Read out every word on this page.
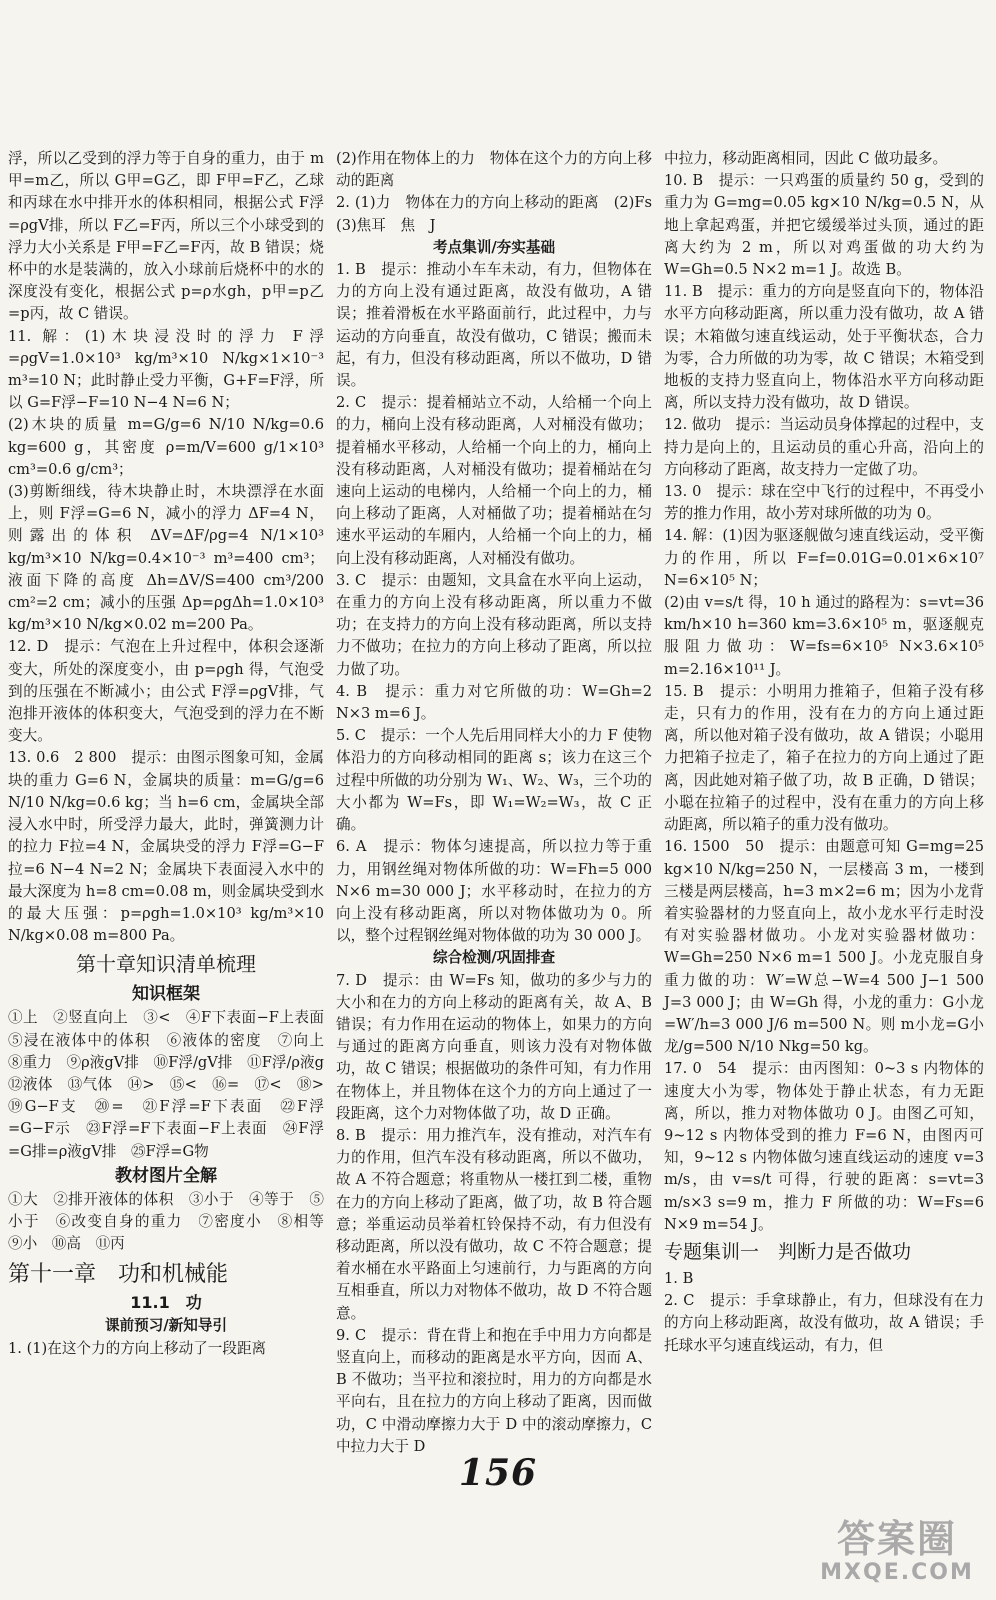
浮，所以乙受到的浮力等于自身的重力，由于 m甲=m乙，所以 G甲=G乙，即 F甲=F乙，乙球和丙球在水中排开水的体积相同，根据公式 F浮=ρgV排，所以 F乙=F丙，所以三个小球受到的浮力大小关系是 F甲=F乙=F丙，故 B 错误；烧杯中的水是装满的，放入小球前后烧杯中的水的深度没有变化，根据公式 p=ρ水gh，p甲=p乙=p丙，故 C 错误。

11. 解：(1)木块浸没时的浮力 F浮=ρgV=1.0×10³ kg/m³×10 N/kg×1×10⁻³ m³=10 N；此时静止受力平衡，G+F=F浮，所以 G=F浮−F=10 N−4 N=6 N；

(2)木块的质量 m=G/g=6 N/10 N/kg=0.6 kg=600 g，其密度 ρ=m/V=600 g/1×10³ cm³=0.6 g/cm³；

(3)剪断细线，待木块静止时，木块漂浮在水面上，则 F浮=G=6 N，减小的浮力 ΔF=4 N，则露出的体积 ΔV=ΔF/ρg=4 N/1×10³ kg/m³×10 N/kg=0.4×10⁻³ m³=400 cm³；液面下降的高度 Δh=ΔV/S=400 cm³/200 cm²=2 cm；减小的压强 Δp=ρgΔh=1.0×10³ kg/m³×10 N/kg×0.02 m=200 Pa。

12. D　提示：气泡在上升过程中，体积会逐渐变大，所处的深度变小，由 p=ρgh 得，气泡受到的压强在不断减小；由公式 F浮=ρgV排，气泡排开液体的体积变大，气泡受到的浮力在不断变大。

13. 0.6　2 800　提示：由图示图象可知，金属块的重力 G=6 N，金属块的质量：m=G/g=6 N/10 N/kg=0.6 kg；当 h=6 cm，金属块全部浸入水中时，所受浮力最大，此时，弹簧测力计的拉力 F拉=4 N，金属块受的浮力 F浮=G−F拉=6 N−4 N=2 N；金属块下表面浸入水中的最大深度为 h=8 cm=0.08 m，则金属块受到水的最大压强：p=ρgh=1.0×10³ kg/m³×10 N/kg×0.08 m=800 Pa。

第十章知识清单梳理
知识框架

①上　②竖直向上　③<　④F下表面−F上表面　⑤浸在液体中的体积　⑥液体的密度　⑦向上　⑧重力　⑨ρ液gV排　⑩F浮/gV排　⑪F浮/ρ液g　⑫液体　⑬气体　⑭>　⑮<　⑯=　⑰<　⑱>　⑲G−F支　⑳=　㉑F浮=F下表面　㉒F浮=G−F示　㉓F浮=F下表面−F上表面　㉔F浮=G排=ρ液gV排　㉕F浮=G物

教材图片全解

①大　②排开液体的体积　③小于　④等于　⑤小于　⑥改变自身的重力　⑦密度小　⑧相等　⑨小　⑩高　⑪丙

第十一章　功和机械能
11.1　功
课前预习/新知导引

1. (1)在这个力的方向上移动了一段距离

(2)作用在物体上的力　物体在这个力的方向上移动的距离

2. (1)力　物体在力的方向上移动的距离　(2)Fs　(3)焦耳　焦　J

考点集训/夯实基础

1. B　提示：推动小车车未动，有力，但物体在力的方向上没有通过距离，故没有做功，A 错误；推着滑板在水平路面前行，此过程中，力与运动的方向垂直，故没有做功，C 错误；搬而未起，有力，但没有移动距离，所以不做功，D 错误。

2. C　提示：提着桶站立不动，人给桶一个向上的力，桶向上没有移动距离，人对桶没有做功；提着桶水平移动，人给桶一个向上的力，桶向上没有移动距离，人对桶没有做功；提着桶站在匀速向上运动的电梯内，人给桶一个向上的力，桶向上移动了距离，人对桶做了功；提着桶站在匀速水平运动的车厢内，人给桶一个向上的力，桶向上没有移动距离，人对桶没有做功。

3. C　提示：由题知，文具盒在水平向上运动，在重力的方向上没有移动距离，所以重力不做功；在支持力的方向上没有移动距离，所以支持力不做功；在拉力的方向上移动了距离，所以拉力做了功。

4. B　提示：重力对它所做的功：W=Gh=2 N×3 m=6 J。

5. C　提示：一个人先后用同样大小的力 F 使物体沿力的方向移动相同的距离 s；该力在这三个过程中所做的功分别为 W₁、W₂、W₃，三个功的大小都为 W=Fs，即 W₁=W₂=W₃，故 C 正确。

6. A　提示：物体匀速提高，所以拉力等于重力，用钢丝绳对物体所做的功：W=Fh=5 000 N×6 m=30 000 J；水平移动时，在拉力的方向上没有移动距离，所以对物体做功为 0。所以，整个过程钢丝绳对物体做的功为 30 000 J。

综合检测/巩固排查

7. D　提示：由 W=Fs 知，做功的多少与力的大小和在力的方向上移动的距离有关，故 A、B 错误；有力作用在运动的物体上，如果力的方向与通过的距离方向垂直，则该力没有对物体做功，故 C 错误；根据做功的条件可知，有力作用在物体上，并且物体在这个力的方向上通过了一段距离，这个力对物体做了功，故 D 正确。

8. B　提示：用力推汽车，没有推动，对汽车有力的作用，但汽车没有移动距离，所以不做功，故 A 不符合题意；将重物从一楼扛到二楼，重物在力的方向上移动了距离，做了功，故 B 符合题意；举重运动员举着杠铃保持不动，有力但没有移动距离，所以没有做功，故 C 不符合题意；提着水桶在水平路面上匀速前行，力与距离的方向互相垂直，所以力对物体不做功，故 D 不符合题意。

9. C　提示：背在背上和抱在手中用力方向都是竖直向上，而移动的距离是水平方向，因而 A、B 不做功；当平拉和滚拉时，用力的方向都是水平向右，且在拉力的方向上移动了距离，因而做功，C 中滑动摩擦力大于 D 中的滚动摩擦力，C 中拉力大于 D

中拉力，移动距离相同，因此 C 做功最多。

10. B　提示：一只鸡蛋的质量约 50 g，受到的重力为 G=mg=0.05 kg×10 N/kg=0.5 N，从地上拿起鸡蛋，并把它缓缓举过头顶，通过的距离大约为 2 m，所以对鸡蛋做的功大约为 W=Gh=0.5 N×2 m=1 J。故选 B。

11. B　提示：重力的方向是竖直向下的，物体沿水平方向移动距离，所以重力没有做功，故 A 错误；木箱做匀速直线运动，处于平衡状态，合力为零，合力所做的功为零，故 C 错误；木箱受到地板的支持力竖直向上，物体沿水平方向移动距离，所以支持力没有做功，故 D 错误。

12. 做功　提示：当运动员身体撑起的过程中，支持力是向上的，且运动员的重心升高，沿向上的方向移动了距离，故支持力一定做了功。

13. 0　提示：球在空中飞行的过程中，不再受小芳的推力作用，故小芳对球所做的功为 0。

14. 解：(1)因为驱逐舰做匀速直线运动，受平衡力的作用，所以 F=f=0.01G=0.01×6×10⁷ N=6×10⁵ N；

(2)由 v=s/t 得，10 h 通过的路程为：s=vt=36 km/h×10 h=360 km=3.6×10⁵ m，驱逐舰克服阻力做功：W=fs=6×10⁵ N×3.6×10⁵ m=2.16×10¹¹ J。

15. B　提示：小明用力推箱子，但箱子没有移走，只有力的作用，没有在力的方向上通过距离，所以他对箱子没有做功，故 A 错误；小聪用力把箱子拉走了，箱子在拉力的方向上通过了距离，因此她对箱子做了功，故 B 正确，D 错误；小聪在拉箱子的过程中，没有在重力的方向上移动距离，所以箱子的重力没有做功。

16. 1500　50　提示：由题意可知 G=mg=25 kg×10 N/kg=250 N，一层楼高 3 m，一楼到三楼是两层楼高，h=3 m×2=6 m；因为小龙背着实验器材的力竖直向上，故小龙水平行走时没有对实验器材做功。小龙对实验器材做功：W=Gh=250 N×6 m=1 500 J。小龙克服自身重力做的功：W′=W总−W=4 500 J−1 500 J=3 000 J；由 W=Gh 得，小龙的重力：G小龙=W′/h=3 000 J/6 m=500 N。则 m小龙=G小龙/g=500 N/10 Nkg=50 kg。

17. 0　54　提示：由丙图知：0~3 s 内物体的速度大小为零，物体处于静止状态，有力无距离，所以，推力对物体做功 0 J。由图乙可知，9~12 s 内物体受到的推力 F=6 N，由图丙可知，9~12 s 内物体做匀速直线运动的速度 v=3 m/s，由 v=s/t 可得，行驶的距离：s=vt=3 m/s×3 s=9 m，推力 F 所做的功：W=Fs=6 N×9 m=54 J。

专题集训一　判断力是否做功

1. B

2. C　提示：手拿球静止，有力，但球没有在力的方向上移动距离，故没有做功，故 A 错误；手托球水平匀速直线运动，有力，但

156
答案圈
MXQE.COM
